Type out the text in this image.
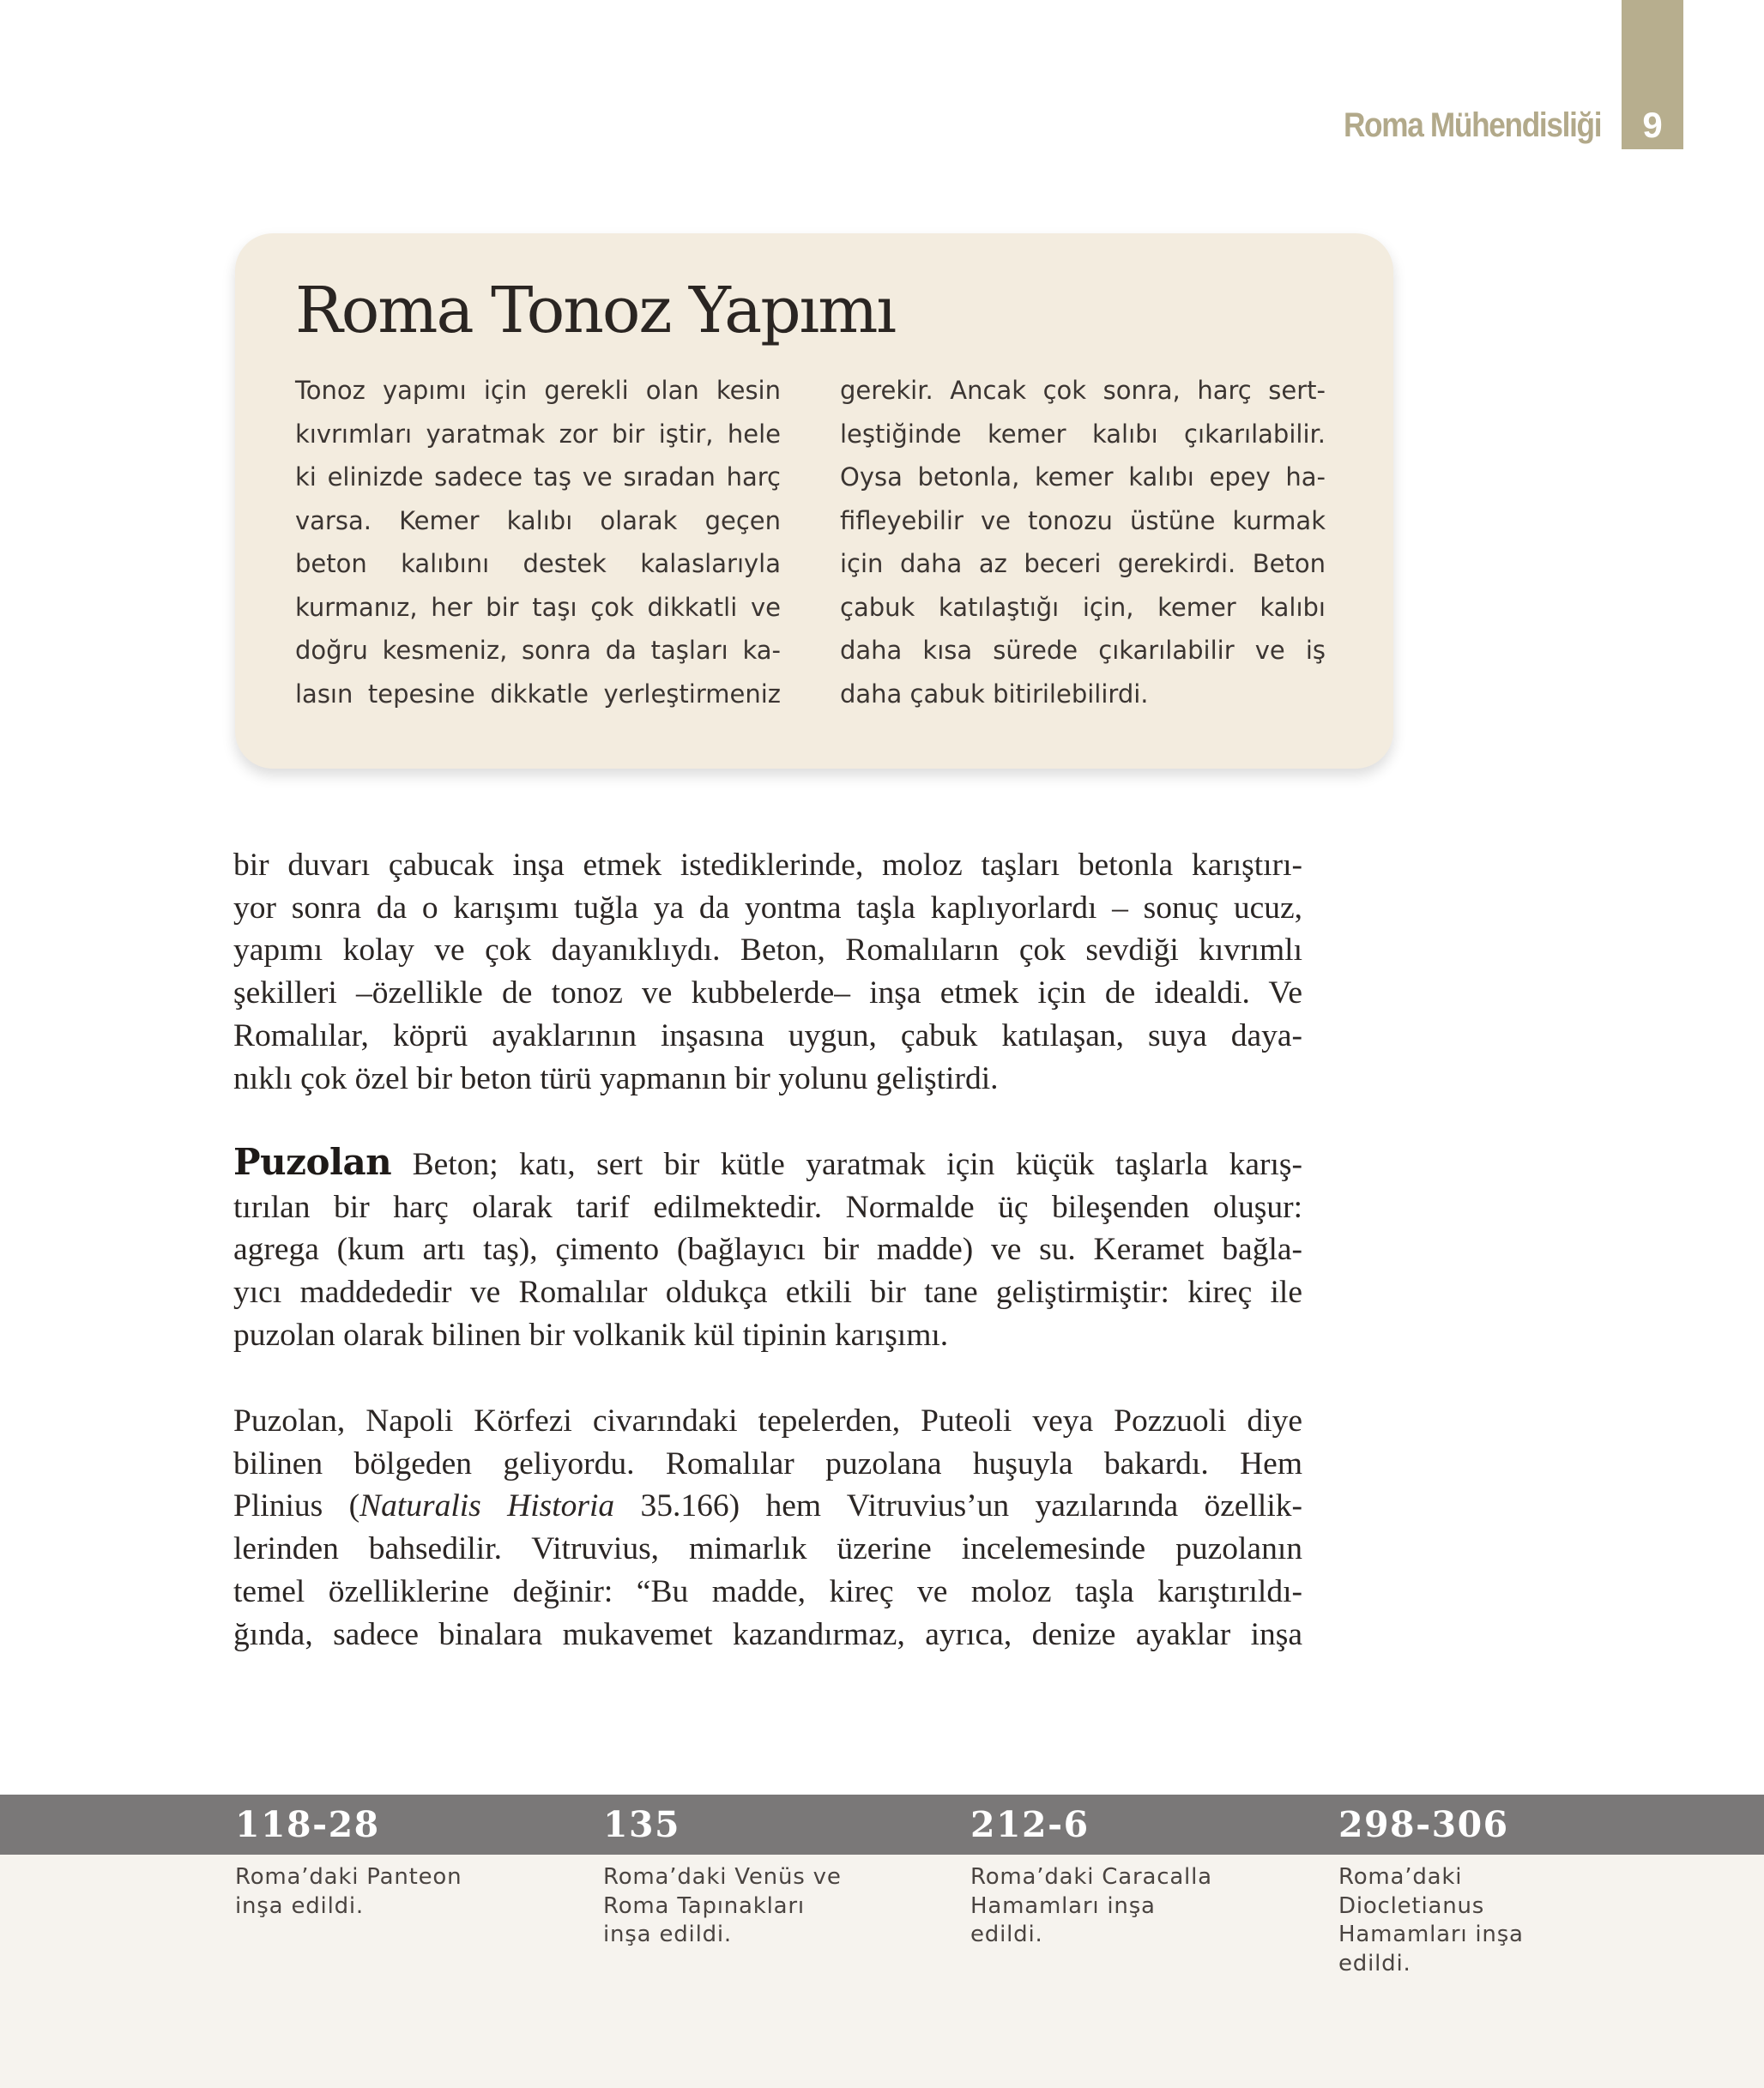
9
Roma Mühendisliği
Roma Tonoz Yapımı
Tonoz yapımı için gerekli olan kesin
kıvrımları yaratmak zor bir iştir, hele
ki elinizde sadece taş ve sıradan harç
varsa. Kemer kalıbı olarak geçen
beton kalıbını destek kalaslarıyla
kurmanız, her bir taşı çok dikkatli ve
doğru kesmeniz, sonra da taşları ka-
lasın tepesine dikkatle yerleştirmeniz
gerekir. Ancak çok sonra, harç sert-
leştiğinde kemer kalıbı çıkarılabilir.
Oysa betonla, kemer kalıbı epey ha-
fifleyebilir ve tonozu üstüne kurmak
için daha az beceri gerekirdi. Beton
çabuk katılaştığı için, kemer kalıbı
daha kısa sürede çıkarılabilir ve iş
daha çabuk bitirilebilirdi.
bir duvarı çabucak inşa etmek istediklerinde, moloz taşları betonla karıştırı-
yor sonra da o karışımı tuğla ya da yontma taşla kaplıyorlardı – sonuç ucuz,
yapımı kolay ve çok dayanıklıydı. Beton, Romalıların çok sevdiği kıvrımlı
şekilleri –özellikle de tonoz ve kubbelerde– inşa etmek için de idealdi. Ve
Romalılar, köprü ayaklarının inşasına uygun, çabuk katılaşan, suya daya-
nıklı çok özel bir beton türü yapmanın bir yolunu geliştirdi.
Puzolan Beton; katı, sert bir kütle yaratmak için küçük taşlarla karış-
tırılan bir harç olarak tarif edilmektedir. Normalde üç bileşenden oluşur:
agrega (kum artı taş), çimento (bağlayıcı bir madde) ve su. Keramet bağla-
yıcı maddededir ve Romalılar oldukça etkili bir tane geliştirmiştir: kireç ile
puzolan olarak bilinen bir volkanik kül tipinin karışımı.
Puzolan, Napoli Körfezi civarındaki tepelerden, Puteoli veya Pozzuoli diye
bilinen bölgeden geliyordu. Romalılar puzolana huşuyla bakardı. Hem
Plinius (Naturalis Historia 35.166) hem Vitruvius’un yazılarında özellik-
lerinden bahsedilir. Vitruvius, mimarlık üzerine incelemesinde puzolanın
temel özelliklerine değinir: “Bu madde, kireç ve moloz taşla karıştırıldı-
ğında, sadece binalara mukavemet kazandırmaz, ayrıca, denize ayaklar inşa
118-28
Roma’daki Panteon
inşa edildi.
135
Roma’daki Venüs ve
Roma Tapınakları
inşa edildi.
212-6
Roma’daki Caracalla
Hamamları inşa
edildi.
298-306
Roma’daki
Diocletianus
Hamamları inşa
edildi.
